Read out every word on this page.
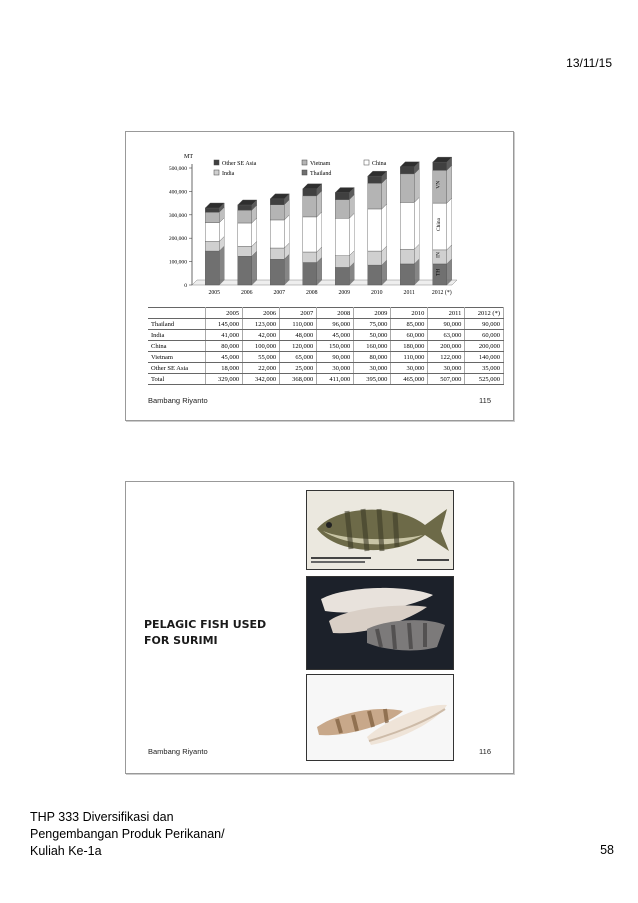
13/11/15
0
100,000
200,000
300,000
400,000
500,000
MT
2005	2006	2007	2008	2009	2010	2011	2012 (*)
TH
IN
China
VN
Other SE Asia	Vietnam	China
India	Thailand
	2005	2006	2007	2008	2009	2010	2011	2012 (*)
Thailand	145,000	123,000	110,000	96,000	75,000	85,000	90,000	90,000
India	41,000	42,000	48,000	45,000	50,000	60,000	63,000	60,000
China	80,000	100,000	120,000	150,000	160,000	180,000	200,000	200,000
Vietnam	45,000	55,000	65,000	90,000	80,000	110,000	122,000	140,000
Other SE Asia	18,000	22,000	25,000	30,000	30,000	30,000	30,000	35,000
Total	329,000	342,000	368,000	411,000	395,000	465,000	507,000	525,000
Bambang Riyanto	115
PELAGIC FISH USED FOR SURIMI
Bambang Riyanto	116
THP 333 Diversifikasi dan
Pengembangan Produk Perikanan/
Kuliah Ke-1a	58
